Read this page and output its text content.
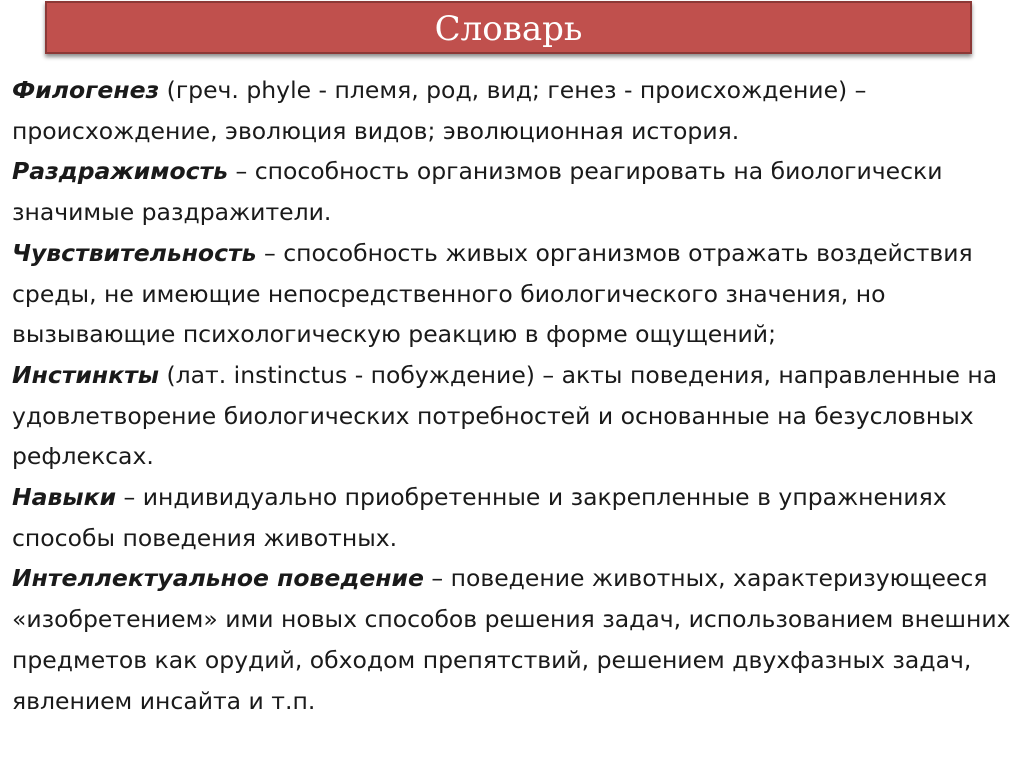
Словарь

Филогенез (греч. phyle - племя, род, вид; генез - происхождение) – происхождение, эволюция видов; эволюционная история.

Раздражимость – способность организмов реагировать на биологически значимые раздражители.

Чувствительность – способность живых организмов отражать воздействия среды, не имеющие непосредственного биологического значения, но вызывающие психологическую реакцию в форме ощущений;

Инстинкты (лат. instinctus - побуждение) – акты поведения, направленные на удовлетворение биологических потребностей и основанные на безусловных рефлексах.

Навыки – индивидуально приобретенные и закрепленные в упражнениях способы поведения животных.

Интеллектуальное поведение – поведение животных, характеризующееся «изобретением» ими новых способов решения задач, использованием внешних предметов как орудий, обходом препятствий, решением двухфазных задач, явлением инсайта и т.п.
